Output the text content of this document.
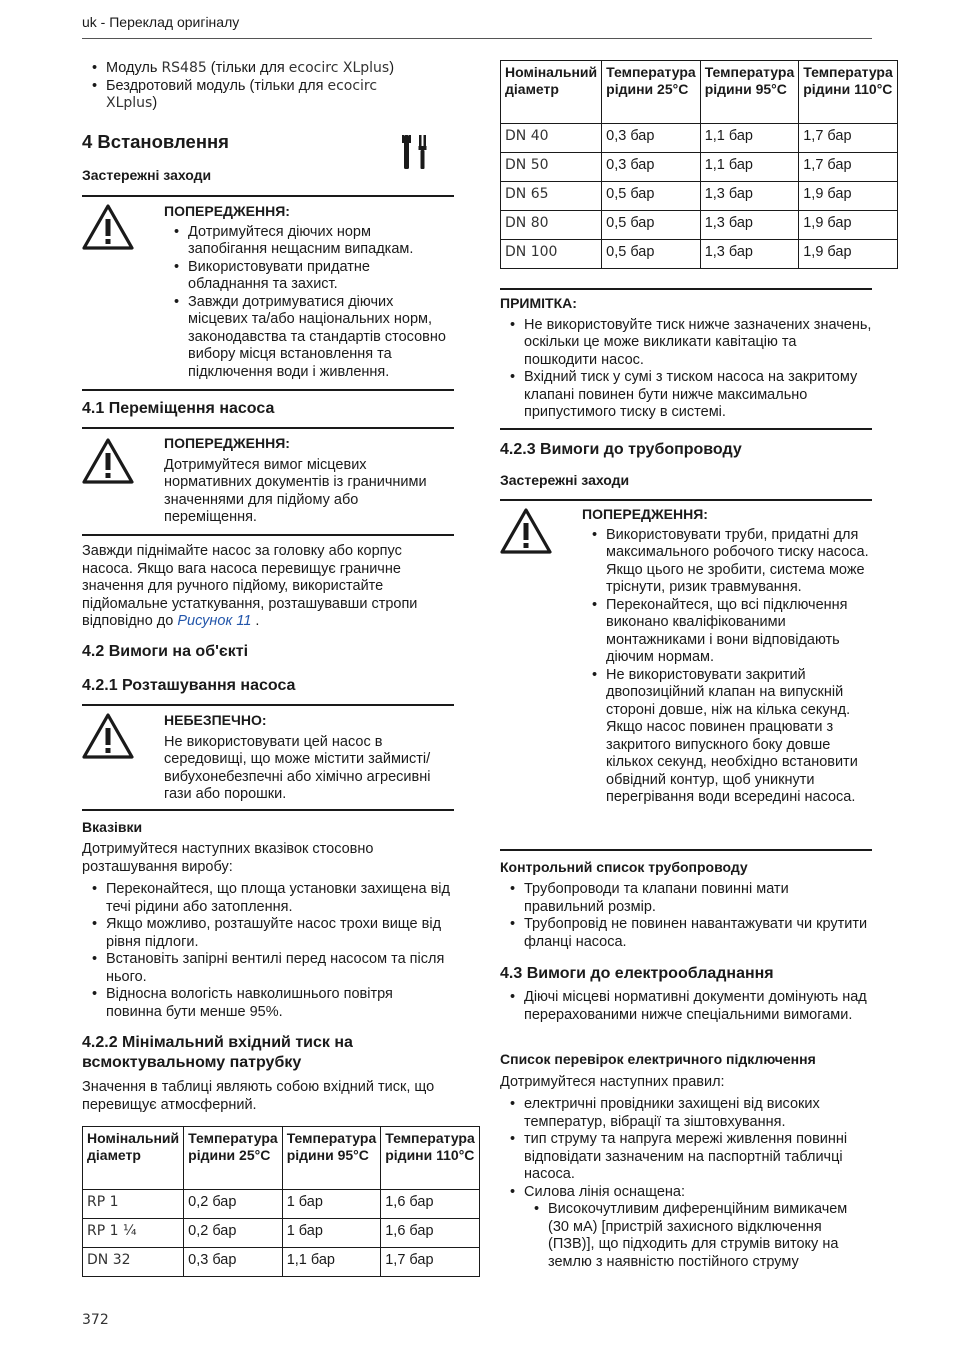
uk - Переклад оригіналу
• Модуль RS485 (тільки для ecocirc XLplus)
• Бездротовий модуль (тільки для ecocirc XLplus)
4 Встановлення
Застережні заходи
ПОПЕРЕДЖЕННЯ:
• Дотримуйтеся діючих норм запобігання нещасним випадкам.
• Використовувати придатне обладнання та захист.
• Завжди дотримуватися діючих місцевих та/або національних норм, законодавства та стандартів стосовно вибору місця встановлення та підключення води і живлення.
4.1 Переміщення насоса
ПОПЕРЕДЖЕННЯ:
Дотримуйтеся вимог місцевих нормативних документів із граничними значеннями для підйому або переміщення.
Завжди піднімайте насос за головку або корпус насоса. Якщо вага насоса перевищує граничне значення для ручного підйому, використайте підйомальне устаткування, розташувавши стропи відповідно до Рисунок 11 .
4.2 Вимоги на об'єкті
4.2.1 Розташування насоса
НЕБЕЗПЕЧНО:
Не використовувати цей насос в середовищі, що може містити займисті/вибухонебезпечні або хімічно агресивні гази або порошки.
Вказівки
Дотримуйтеся наступних вказівок стосовно розташування виробу:
• Переконайтеся, що площа установки захищена від течі рідини або затоплення.
• Якщо можливо, розташуйте насос трохи вище від рівня підлоги.
• Встановіть запірні вентилі перед насосом та після нього.
• Відносна вологість навколишнього повітря повинна бути менше 95%.
4.2.2 Мінімальний вхідний тиск на всмоктувальному патрубку
Значення в таблиці являють собою вхідний тиск, що перевищує атмосферний.
Номінальний діаметр	Температура рідини 25°C	Температура рідини 95°C	Температура рідини 110°C
RP 1	0,2 бар	1 бар	1,6 бар
RP 1 ¼	0,2 бар	1 бар	1,6 бар
DN 32	0,3 бар	1,1 бар	1,7 бар
Номінальний діаметр	Температура рідини 25°C	Температура рідини 95°C	Температура рідини 110°C
DN 40	0,3 бар	1,1 бар	1,7 бар
DN 50	0,3 бар	1,1 бар	1,7 бар
DN 65	0,5 бар	1,3 бар	1,9 бар
DN 80	0,5 бар	1,3 бар	1,9 бар
DN 100	0,5 бар	1,3 бар	1,9 бар
ПРИМІТКА:
• Не використовуйте тиск нижче зазначених значень, оскільки це може викликати кавітацію та пошкодити насос.
• Вхідний тиск у сумі з тиском насоса на закритому клапані повинен бути нижче максимально припустимого тиску в системі.
4.2.3 Вимоги до трубопроводу
Застережні заходи
ПОПЕРЕДЖЕННЯ:
• Використовувати труби, придатні для максимального робочого тиску насоса. Якщо цього не зробити, система може тріснути, ризик травмування.
• Переконайтеся, що всі підключення виконано кваліфікованими монтажниками і вони відповідають діючим нормам.
• Не використовувати закритий двопозиційний клапан на випускній стороні довше, ніж на кілька секунд. Якщо насос повинен працювати з закритого випускного боку довше кількох секунд, необхідно встановити обвідний контур, щоб уникнути перегрівання води всередині насоса.
Контрольний список трубопроводу
• Трубопроводи та клапани повинні мати правильний розмір.
• Трубопровід не повинен навантажувати чи крутити фланці насоса.
4.3 Вимоги до електрообладнання
• Діючі місцеві нормативні документи домінують над перерахованими нижче спеціальними вимогами.
Список перевірок електричного підключення
Дотримуйтеся наступних правил:
• електричні провідники захищені від високих температур, вібрації та зіштовхування.
• тип струму та напруга мережі живлення повинні відповідати зазначеним на паспортній табличці насоса.
• Силова лінія оснащена:
• Високочутливим диференційним вимикачем (30 мА) [пристрій захисного відключення (ПЗВ)], що підходить для струмів витоку на землю з наявністю постійного струму
372
